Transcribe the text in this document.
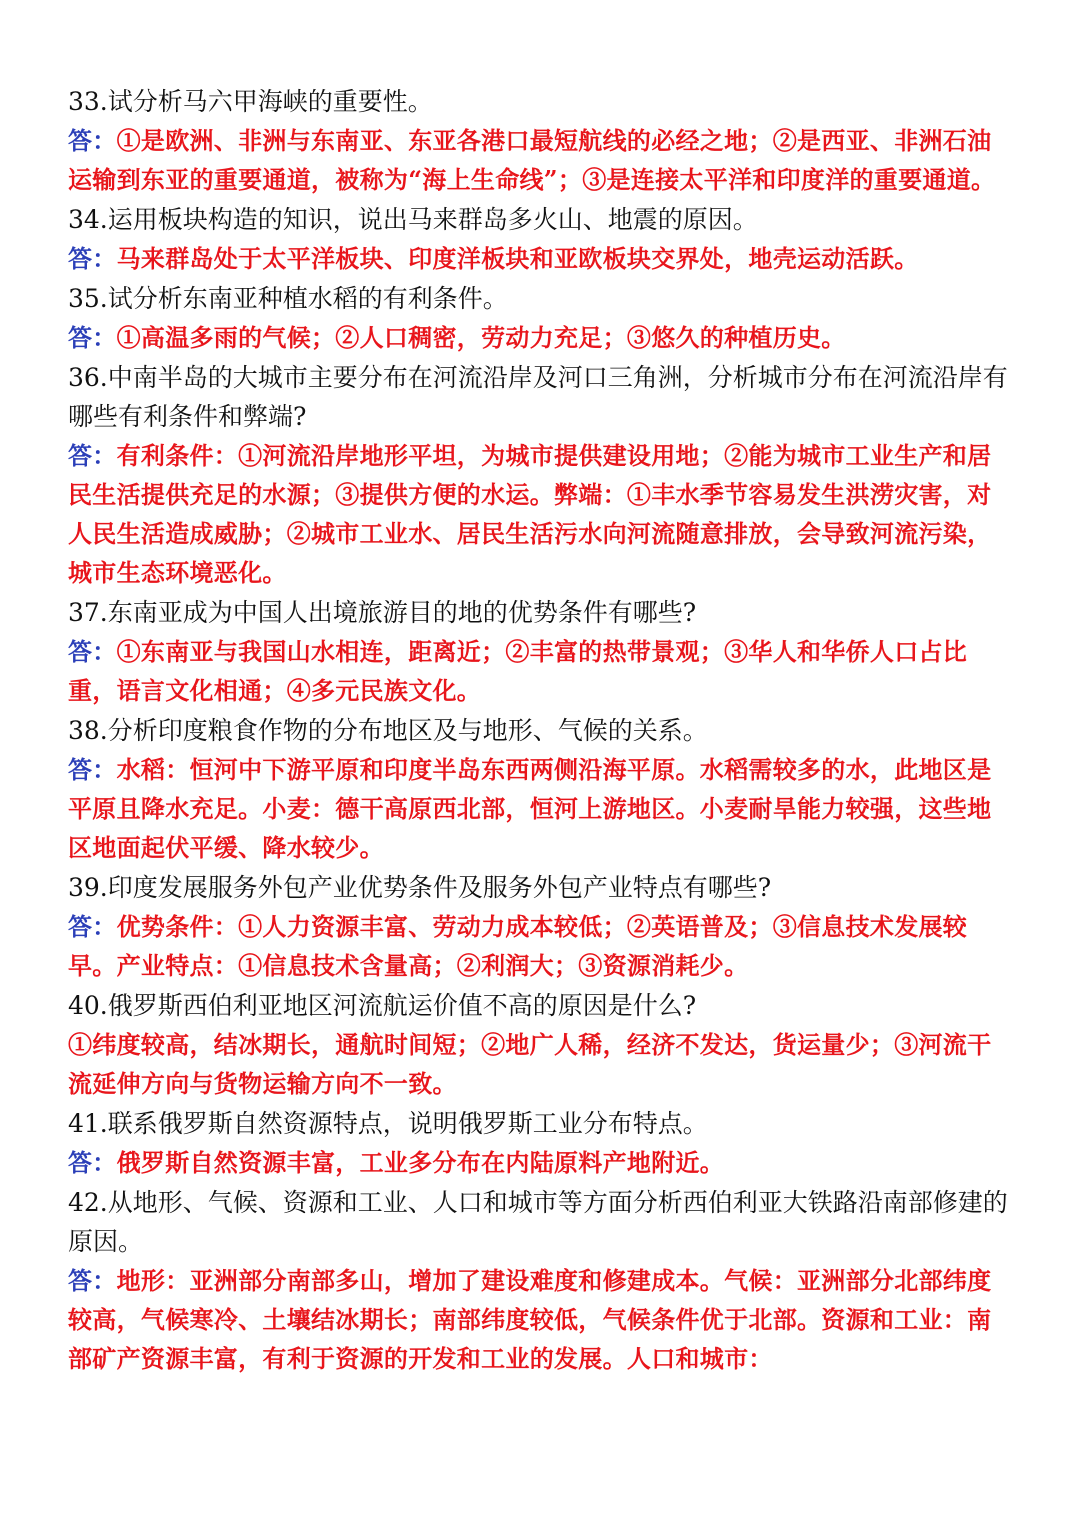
33.试分析马六甲海峡的重要性。

答：①是欧洲、非洲与东南亚、东亚各港口最短航线的必经之地；②是西亚、非洲石油运输到东亚的重要通道，被称为“海上生命线”；③是连接太平洋和印度洋的重要通道。

34.运用板块构造的知识，说出马来群岛多火山、地震的原因。

答：马来群岛处于太平洋板块、印度洋板块和亚欧板块交界处，地壳运动活跃。

35.试分析东南亚种植水稻的有利条件。

答：①高温多雨的气候；②人口稠密，劳动力充足；③悠久的种植历史。

36.中南半岛的大城市主要分布在河流沿岸及河口三角洲，分析城市分布在河流沿岸有哪些有利条件和弊端?

答：有利条件：①河流沿岸地形平坦，为城市提供建设用地；②能为城市工业生产和居民生活提供充足的水源；③提供方便的水运。弊端：①丰水季节容易发生洪涝灾害，对人民生活造成威胁；②城市工业水、居民生活污水向河流随意排放，会导致河流污染，城市生态环境恶化。

37.东南亚成为中国人出境旅游目的地的优势条件有哪些?

答：①东南亚与我国山水相连，距离近；②丰富的热带景观；③华人和华侨人口占比重，语言文化相通；④多元民族文化。

38.分析印度粮食作物的分布地区及与地形、气候的关系。

答：水稻：恒河中下游平原和印度半岛东西两侧沿海平原。水稻需较多的水，此地区是平原且降水充足。小麦：德干高原西北部，恒河上游地区。小麦耐旱能力较强，这些地区地面起伏平缓、降水较少。

39.印度发展服务外包产业优势条件及服务外包产业特点有哪些?

答：优势条件：①人力资源丰富、劳动力成本较低；②英语普及；③信息技术发展较早。产业特点：①信息技术含量高；②利润大；③资源消耗少。

40.俄罗斯西伯利亚地区河流航运价值不高的原因是什么?

①纬度较高，结冰期长，通航时间短；②地广人稀，经济不发达，货运量少；③河流干流延伸方向与货物运输方向不一致。

41.联系俄罗斯自然资源特点，说明俄罗斯工业分布特点。

答：俄罗斯自然资源丰富，工业多分布在内陆原料产地附近。

42.从地形、气候、资源和工业、人口和城市等方面分析西伯利亚大铁路沿南部修建的原因。

答：地形：亚洲部分南部多山，增加了建设难度和修建成本。气候：亚洲部分北部纬度较高，气候寒冷、土壤结冰期长；南部纬度较低，气候条件优于北部。资源和工业：南部矿产资源丰富，有利于资源的开发和工业的发展。人口和城市：
